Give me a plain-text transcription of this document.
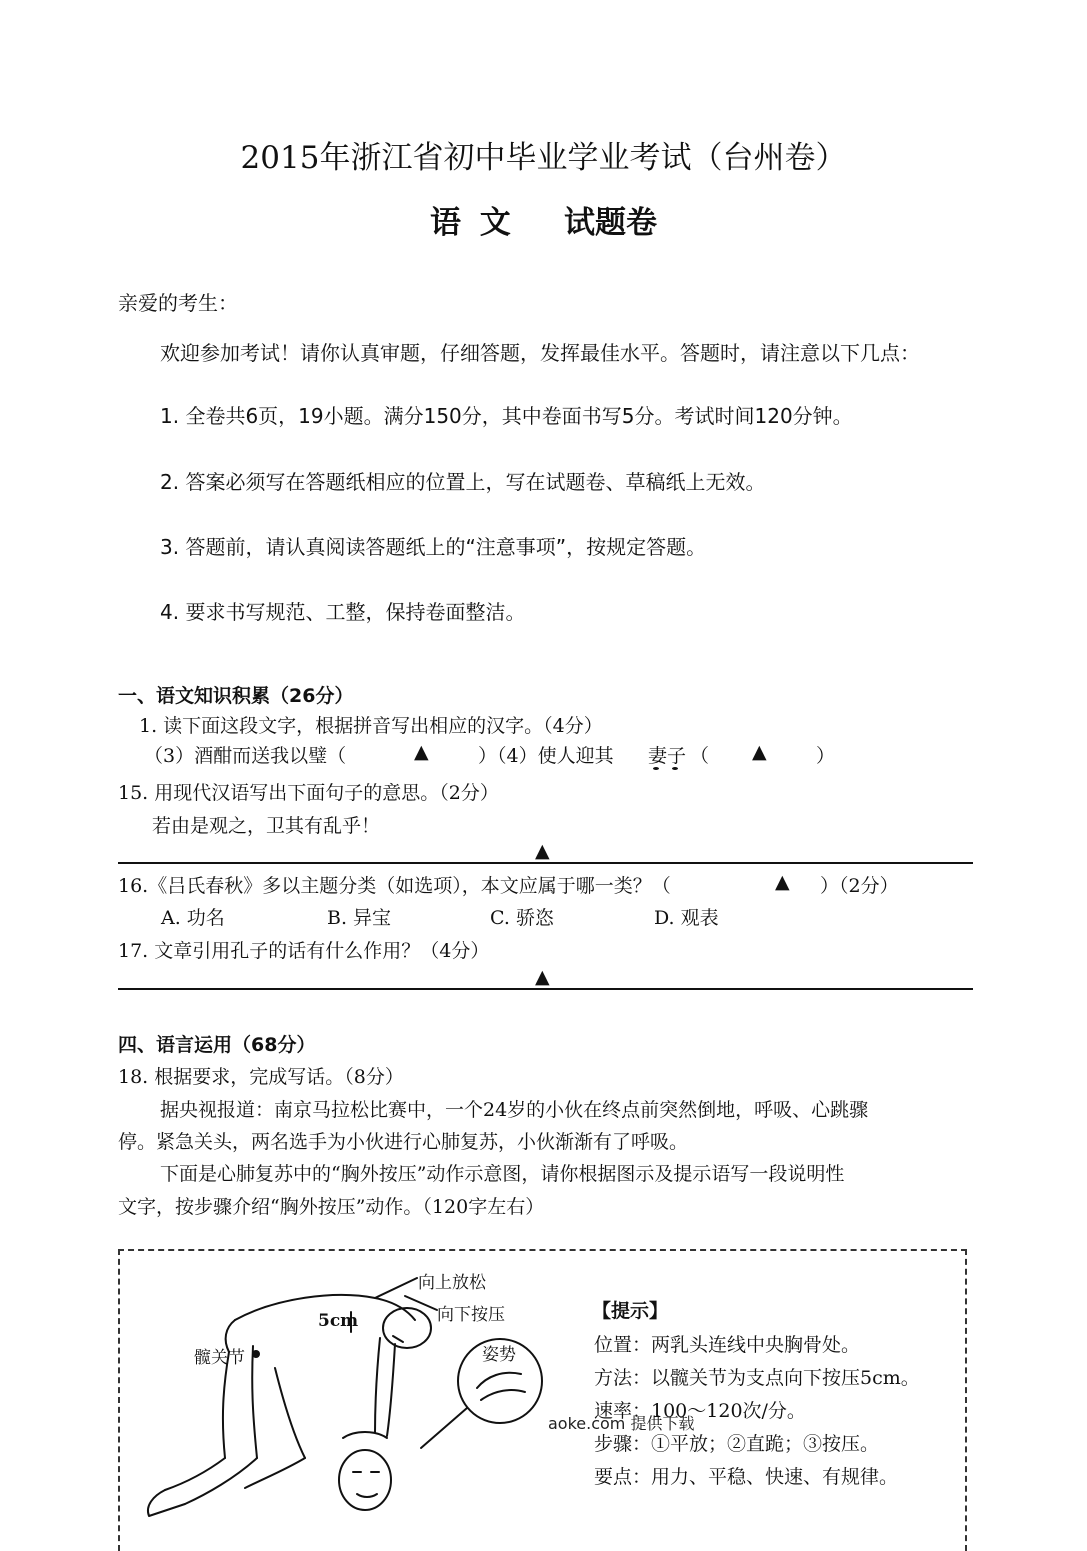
2015年浙江省初中毕业学业考试（台州卷）
语 文 试题卷
亲爱的考生：
欢迎参加考试！请你认真审题，仔细答题，发挥最佳水平。答题时，请注意以下几点：
1. 全卷共6页，19小题。满分150分，其中卷面书写5分。考试时间120分钟。
2. 答案必须写在答题纸相应的位置上，写在试题卷、草稿纸上无效。
3. 答题前，请认真阅读答题纸上的“注意事项”，按规定答题。
4. 要求书写规范、工整，保持卷面整洁。
一、语文知识积累（26分）
1. 读下面这段文字，根据拼音写出相应的汉字。（4分）
（3）酒酣而送我以璧（	▲	）（4）使人迎其 妻子 （ ▲	）
15. 用现代汉语写出下面句子的意思。（2分）
若由是观之，卫其有乱乎！
▲
16.《吕氏春秋》多以主题分类（如选项），本文应属于哪一类？（	▲ ）（2分）
A. 功名	B. 异宝	C. 骄恣	D. 观表
17. 文章引用孔子的话有什么作用？（4分）
▲
四、语言运用（68分）
18. 根据要求，完成写话。（8分）
据央视报道：南京马拉松比赛中，一个24岁的小伙在终点前突然倒地，呼吸、心跳骤
停。紧急关头，两名选手为小伙进行心肺复苏，小伙渐渐有了呼吸。
下面是心肺复苏中的“胸外按压”动作示意图，请你根据图示及提示语写一段说明性
文字，按步骤介绍“胸外按压”动作。（120字左右）
向上放松
向下按压
5cm
髋关节	姿势
aoke.com 提供下载
【提示】
位置：两乳头连线中央胸骨处。
方法：以髋关节为支点向下按压5cm。
速率：100～120次/分。
步骤：①平放；②直跪；③按压。
要点：用力、平稳、快速、有规律。
